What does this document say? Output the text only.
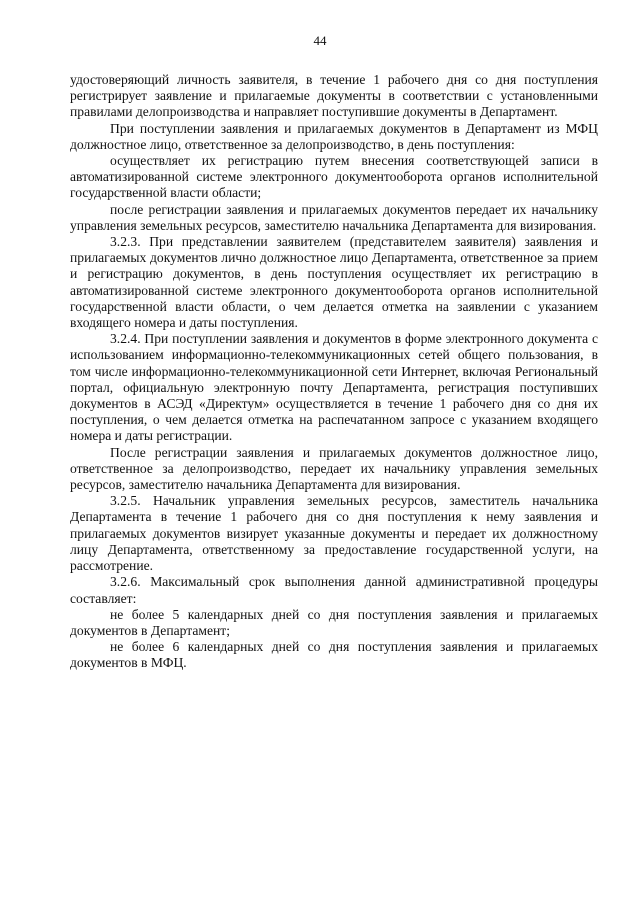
44

удостоверяющий личность заявителя, в течение 1 рабочего дня со дня поступления регистрирует заявление и прилагаемые документы в соответствии с установленными правилами делопроизводства и направляет поступившие документы в Департамент.

При поступлении заявления и прилагаемых документов в Департамент из МФЦ должностное лицо, ответственное за делопроизводство, в день поступления:

осуществляет их регистрацию путем внесения соответствующей записи в автоматизированной системе электронного документооборота органов исполнительной государственной власти области;

после регистрации заявления и прилагаемых документов передает их начальнику управления земельных ресурсов, заместителю начальника Департамента для визирования.

3.2.3. При представлении заявителем (представителем заявителя) заявления и прилагаемых документов лично должностное лицо Департамента, ответственное за прием и регистрацию документов, в день поступления осуществляет их регистрацию в автоматизированной системе электронного документооборота органов исполнительной государственной власти области, о чем делается отметка на заявлении с указанием входящего номера и даты поступления.

3.2.4. При поступлении заявления и документов в форме электронного документа с использованием информационно-телекоммуникационных сетей общего пользования, в том числе информационно-телекоммуникационной сети Интернет, включая Региональный портал, официальную электронную почту Департамента, регистрация поступивших документов в АСЭД «Директум» осуществляется в течение 1 рабочего дня со дня их поступления, о чем делается отметка на распечатанном запросе с указанием входящего номера и даты регистрации.

После регистрации заявления и прилагаемых документов должностное лицо, ответственное за делопроизводство, передает их начальнику управления земельных ресурсов, заместителю начальника Департамента для визирования.

3.2.5. Начальник управления земельных ресурсов, заместитель начальника Департамента в течение 1 рабочего дня со дня поступления к нему заявления и прилагаемых документов визирует указанные документы и передает их должностному лицу Департамента, ответственному за предоставление государственной услуги, на рассмотрение.

3.2.6. Максимальный срок выполнения данной административной процедуры составляет:

не более 5 календарных дней со дня поступления заявления и прилагаемых документов в Департамент;

не более 6 календарных дней со дня поступления заявления и прилагаемых документов в МФЦ.
